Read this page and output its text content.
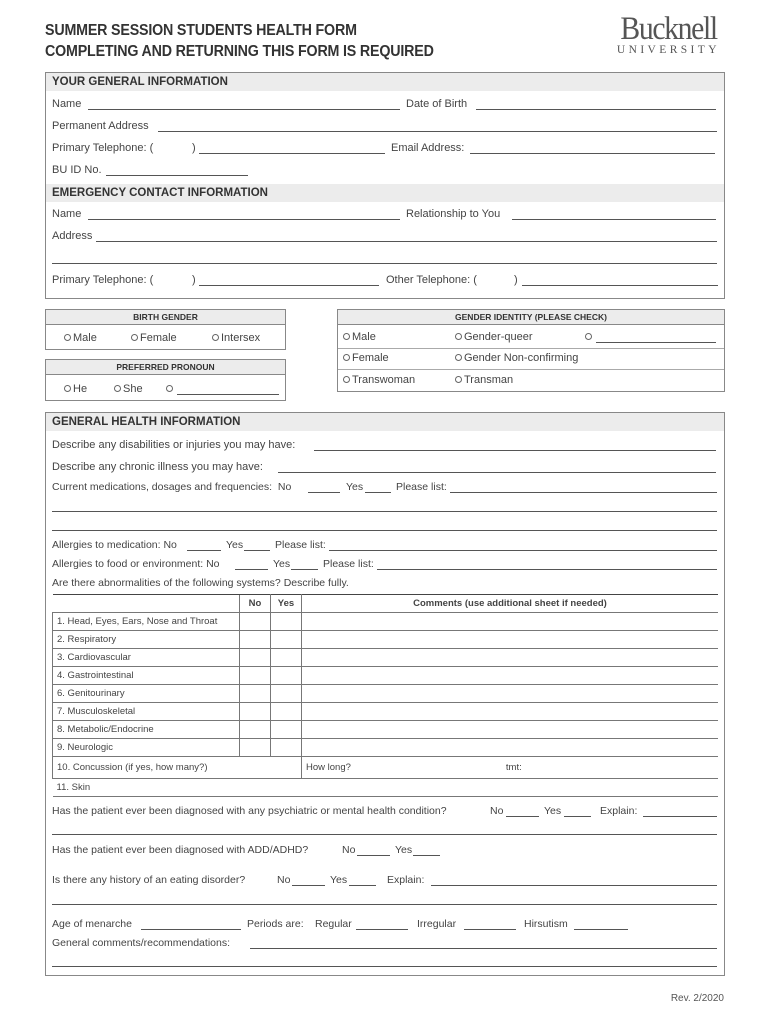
SUMMER SESSION STUDENTS HEALTH FORM
COMPLETING AND RETURNING THIS FORM IS REQUIRED
Bucknell
UNIVERSITY
YOUR GENERAL INFORMATION
Name	Date of Birth
Permanent Address
Primary Telephone: (	)	Email Address:
BU ID No.
EMERGENCY CONTACT INFORMATION
Name	Relationship to You
Address
Primary Telephone: (	)	Other Telephone: (	)
BIRTH GENDER
Male	Female	Intersex
PREFERRED PRONOUN
He	She
GENDER IDENTITY (PLEASE CHECK)
Male	Gender-queer
Female	Gender Non-confirming
Transwoman	Transman
GENERAL HEALTH INFORMATION
Describe any disabilities or injuries you may have:
Describe any chronic illness you may have:
Current medications, dosages and frequencies: No	Yes	Please list:
Allergies to medication: No	Yes	Please list:
Allergies to food or environment: No	Yes	Please list:
Are there abnormalities of the following systems? Describe fully.
	No	Yes	Comments (use additional sheet if needed)
1. Head, Eyes, Ears, Nose and Throat			
2. Respiratory			
3. Cardiovascular			
4. Gastrointestinal			
6. Genitourinary			
7. Musculoskeletal			
8. Metabolic/Endocrine			
9. Neurologic			
10. Concussion (if yes, how many?)			How long? tmt:
11. Skin			
Has the patient ever been diagnosed with any psychiatric or mental health condition?	No	Yes	Explain:
Has the patient ever been diagnosed with ADD/ADHD?	No	Yes
Is there any history of an eating disorder?	No	Yes	Explain:
Age of menarche	Periods are: Regular	Irregular	Hirsutism
General comments/recommendations:
Rev. 2/2020
